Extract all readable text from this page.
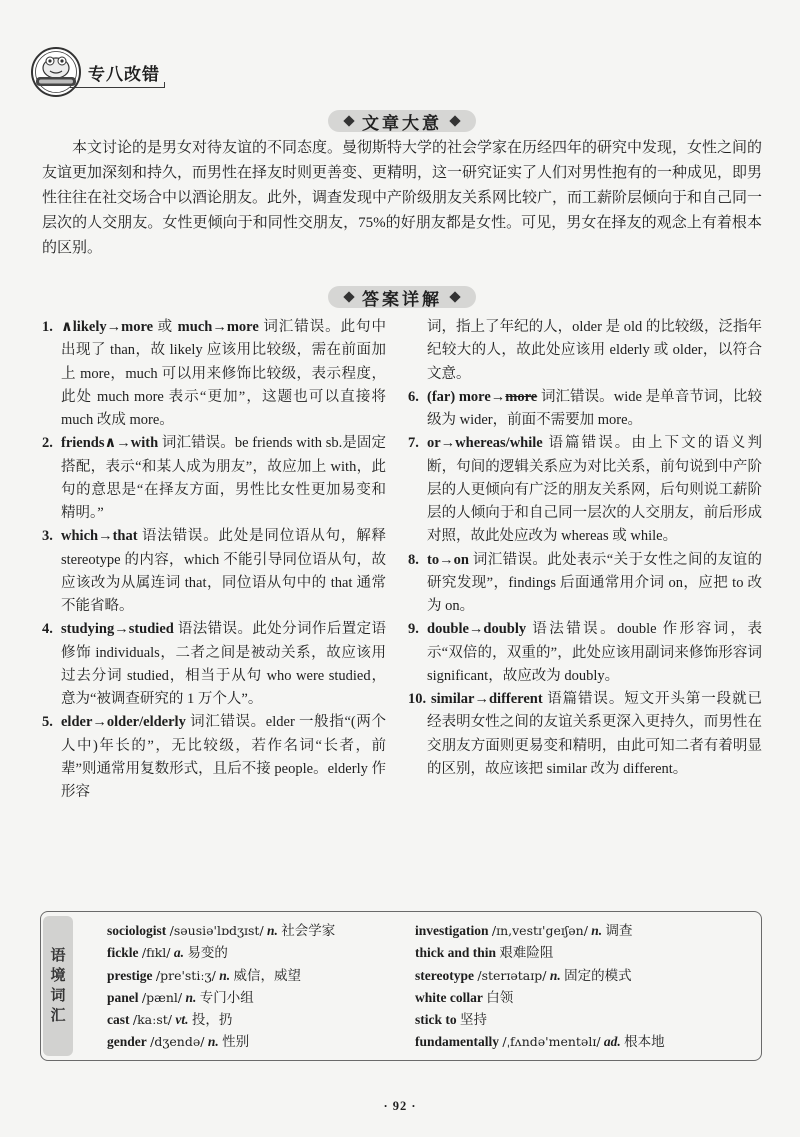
专八改错
文章大意

本文讨论的是男女对待友谊的不同态度。曼彻斯特大学的社会学家在历经四年的研究中发现，女性之间的友谊更加深刻和持久，而男性在择友时则更善变、更精明，这一研究证实了人们对男性抱有的一种成见，即男性往往在社交场合中以酒论朋友。此外，调查发现中产阶级朋友关系网比较广，而工薪阶层倾向于和自己同一层次的人交朋友。女性更倾向于和同性交朋友，75%的好朋友都是女性。可见，男女在择友的观念上有着根本的区别。

答案详解

1. ∧likely→more 或 much→more 词汇错误。此句中出现了 than，故 likely 应该用比较级，需在前面加上 more，much 可以用来修饰比较级，表示程度，此处 much more 表示“更加”，这题也可以直接将 much 改成 more。

2. friends∧→with 词汇错误。be friends with sb.是固定搭配，表示“和某人成为朋友”，故应加上 with，此句的意思是“在择友方面，男性比女性更加易变和精明。”

3. which→that 语法错误。此处是同位语从句，解释 stereotype 的内容，which 不能引导同位语从句，故应该改为从属连词 that，同位语从句中的 that 通常不能省略。

4. studying→studied 语法错误。此处分词作后置定语修饰 individuals，二者之间是被动关系，故应该用过去分词 studied，相当于从句 who were studied，意为“被调查研究的 1 万个人”。

5. elder→older/elderly 词汇错误。elder 一般指“(两个人中)年长的”，无比较级，若作名词“长者，前辈”则通常用复数形式，且后不接 people。elderly 作形容

词，指上了年纪的人，older 是 old 的比较级，泛指年纪较大的人，故此处应该用 elderly 或 older，以符合文意。

6. (far) more→more 词汇错误。wide 是单音节词，比较级为 wider，前面不需要加 more。

7. or→whereas/while 语篇错误。由上下文的语义判断，句间的逻辑关系应为对比关系，前句说到中产阶层的人更倾向有广泛的朋友关系网，后句则说工薪阶层的人倾向于和自己同一层次的人交朋友，前后形成对照，故此处应改为 whereas 或 while。

8. to→on 词汇错误。此处表示“关于女性之间的友谊的研究发现”，findings 后面通常用介词 on，应把 to 改为 on。

9. double→doubly 语法错误。double 作形容词，表示“双倍的，双重的”，此处应该用副词来修饰形容词 significant，故应改为 doubly。

10. similar→different 语篇错误。短文开头第一段就已经表明女性之间的友谊关系更深入更持久，而男性在交朋友方面则更易变和精明，由此可知二者有着明显的区别，故应该把 similar 改为 different。

语境词汇
sociologist /səusiə'lɒdʒɪst/ n. 社会学家
fickle /fɪkl/ a. 易变的
prestige /pre'stiːʒ/ n. 威信，威望
panel /pænl/ n. 专门小组
cast /kaːst/ vt. 投，扔
gender /dʒendə/ n. 性别
investigation /ɪn,vestɪ'geɪʃən/ n. 调查
thick and thin 艰难险阻
stereotype /sterɪətaɪp/ n. 固定的模式
white collar 白领
stick to 坚持
fundamentally /ˌfʌndə'mentəlɪ/ ad. 根本地
· 92 ·
